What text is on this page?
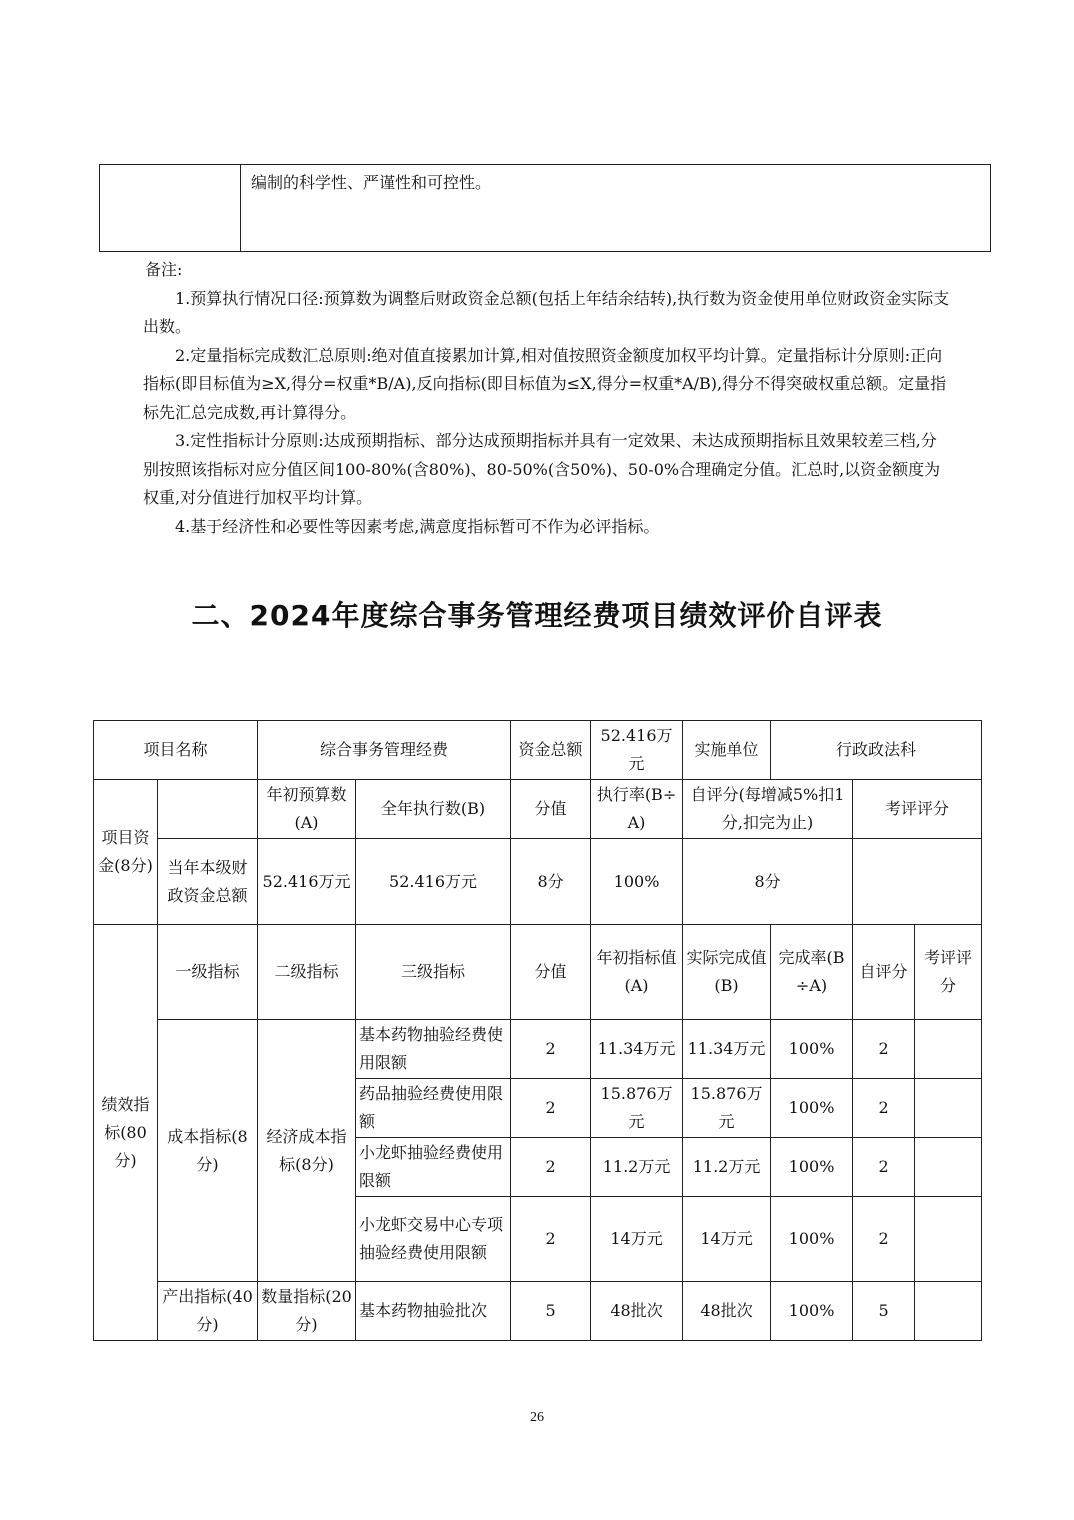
	编制的科学性、严谨性和可控性。

备注:

1.预算执行情况口径:预算数为调整后财政资金总额(包括上年结余结转),执行数为资金使用单位财政资金实际支出数。

2.定量指标完成数汇总原则:绝对值直接累加计算,相对值按照资金额度加权平均计算。定量指标计分原则:正向指标(即目标值为≥X,得分=权重*B/A),反向指标(即目标值为≤X,得分=权重*A/B),得分不得突破权重总额。定量指标先汇总完成数,再计算得分。

3.定性指标计分原则:达成预期指标、部分达成预期指标并具有一定效果、未达成预期指标且效果较差三档,分别按照该指标对应分值区间100-80%(含80%)、80-50%(含50%)、50-0%合理确定分值。汇总时,以资金额度为权重,对分值进行加权平均计算。

4.基于经济性和必要性等因素考虑,满意度指标暂可不作为必评指标。

二、2024年度综合事务管理经费项目绩效评价自评表
项目名称		综合事务管理经费		资金总额	52.416万元	实施单位	行政政法科		
项目资金(8分)		年初预算数(A)	全年执行数(B)	分值	执行率(B÷A)	自评分(每增减5%扣1分,扣完为止)		考评评分	
	当年本级财政资金总额	52.416万元	52.416万元	8分	100%	8分			
绩效指标(80分)	一级指标	二级指标	三级指标	分值	年初指标值(A)	实际完成值(B)	完成率(B÷A)	自评分	考评评分
	成本指标(8分)	经济成本指标(8分)	基本药物抽验经费使用限额	2	11.34万元	11.34万元	100%	2	
			药品抽验经费使用限额	2	15.876万元	15.876万元	100%	2	
			小龙虾抽验经费使用限额	2	11.2万元	11.2万元	100%	2	
			小龙虾交易中心专项抽验经费使用限额	2	14万元	14万元	100%	2	
	产出指标(40分)	数量指标(20分)	基本药物抽验批次	5	48批次	48批次	100%	5	
26
